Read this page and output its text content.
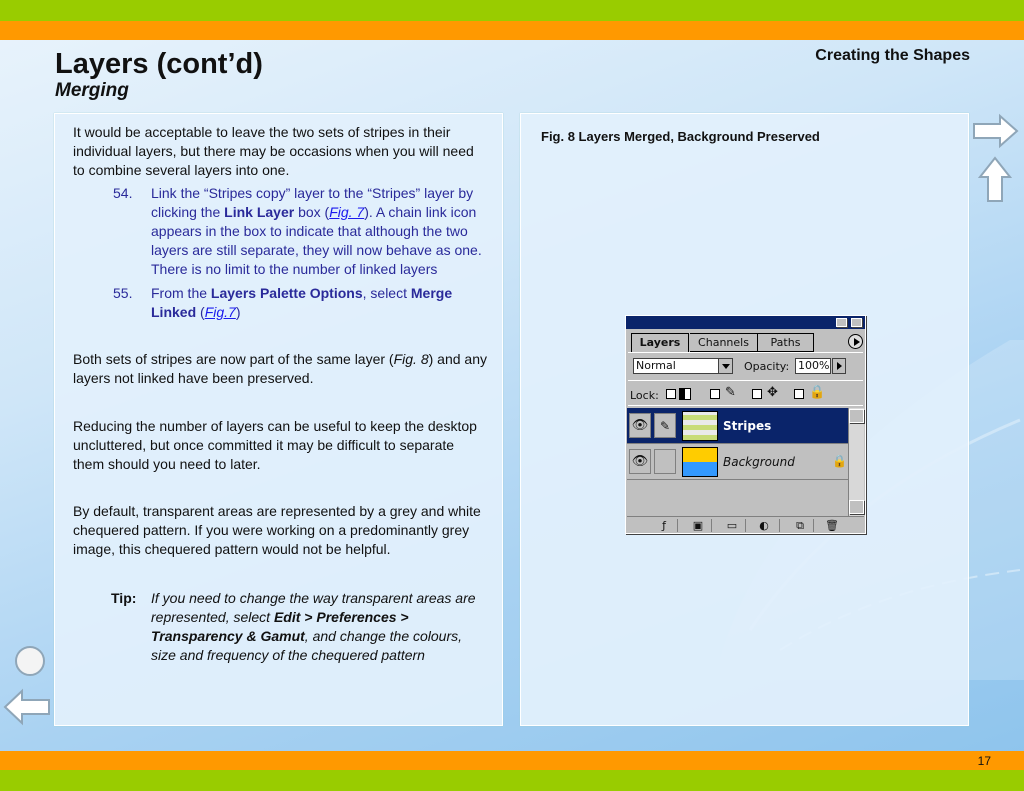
Layers (cont’d)
Merging
Creating the Shapes
It would be acceptable to leave the two sets of stripes in their individual layers, but there may be occasions when you will need to combine several layers into one.
54. Link the “Stripes copy” layer to the “Stripes” layer by clicking the Link Layer box (Fig. 7). A chain link icon appears in the box to indicate that although the two layers are still separate, they will now behave as one. There is no limit to the number of linked layers
55. From the Layers Palette Options, select Merge Linked (Fig.7)
Both sets of stripes are now part of the same layer (Fig. 8) and any layers not linked have been preserved.
Reducing the number of layers can be useful to keep the desktop uncluttered, but once committed it may be difficult to separate them should you need to later.
By default, transparent areas are represented by a grey and white chequered pattern. If you were working on a predominantly grey image, this chequered pattern would not be helpful.
Tip: If you need to change the way transparent areas are represented, select Edit > Preferences > Transparency & Gamut, and change the colours, size and frequency of the chequered pattern
Fig. 8 Layers Merged, Background Preserved
Layers	Channels	Paths
Normal	Opacity: 100%
Lock:	✎ ✥ 🔒
👁 ✎	Stripes
👁	Background	🔒
ƒ	▣	▭	◐	⧉	🗑
17
